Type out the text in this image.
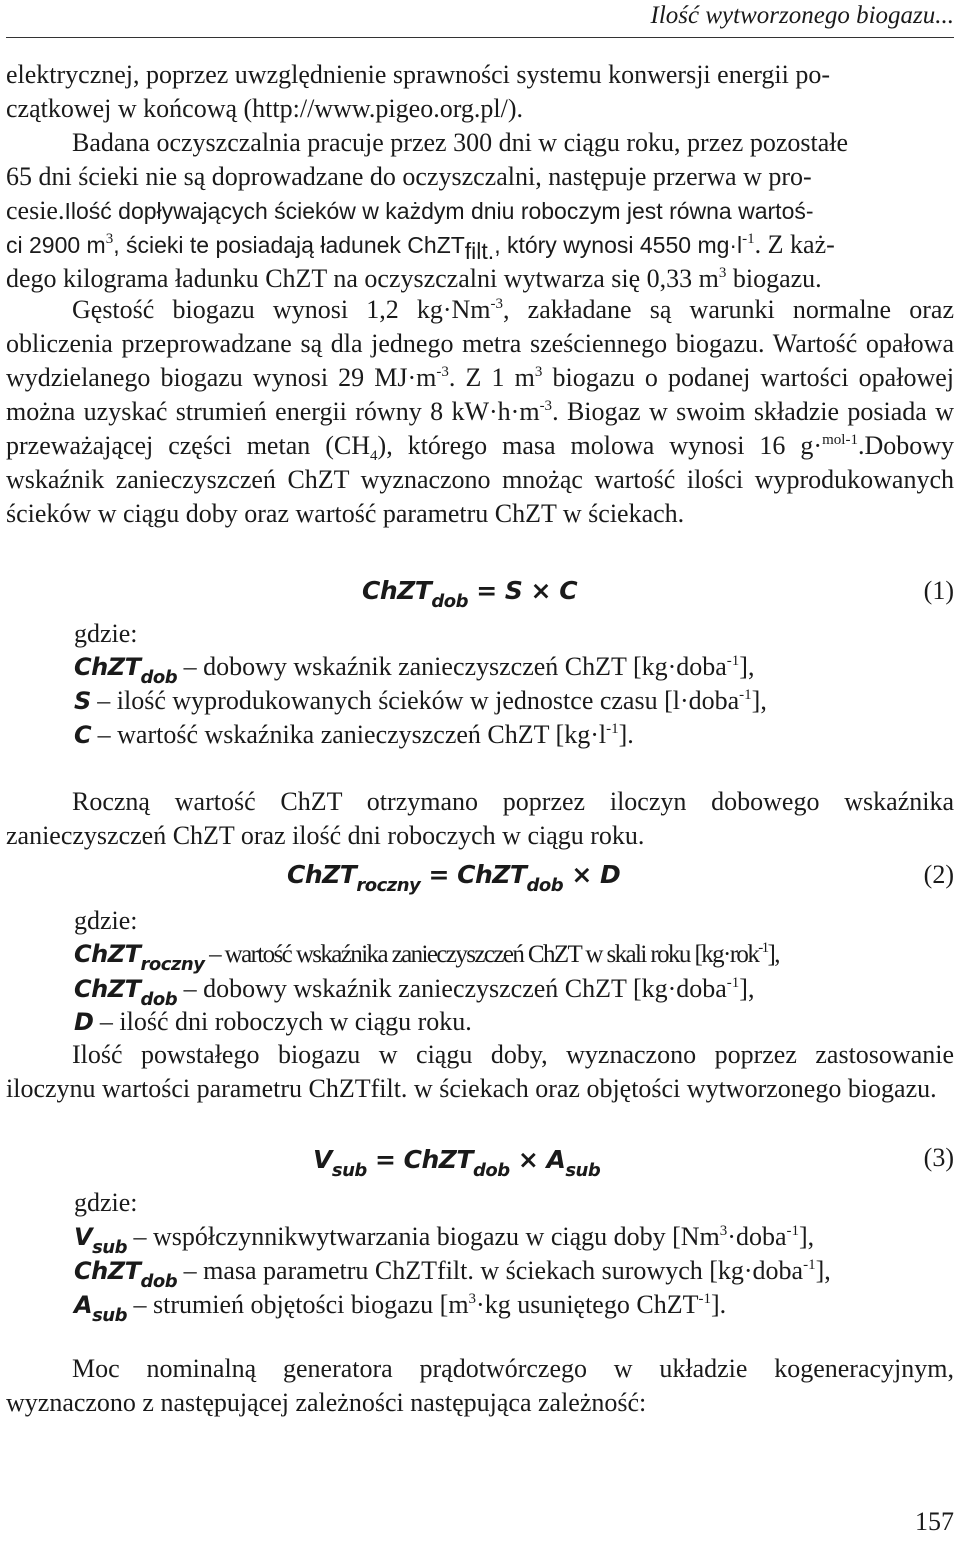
Ilość wytworzonego biogazu...

elektrycznej, poprzez uwzględnienie sprawności systemu konwersji energii po-
czątkowej w końcową (http://www.pigeo.org.pl/).
Badana oczyszczalnia pracuje przez 300 dni w ciągu roku, przez pozostałe
65 dni ścieki nie są doprowadzane do oczyszczalni, następuje przerwa w pro-
cesie.Ilość dopływających ścieków w każdym dniu roboczym jest równa wartoś-
ci 2900 $m^3$, ścieki te posiadają ładunek ChZT$_{filt.}$, który wynosi 4550 $mg\cdot l^{-1}$. Z każ-
dego kilograma ładunku ChZT na oczyszczalni wytwarza się 0,33 $m^3$ biogazu.

Gęstość biogazu wynosi 1,2 $kg\cdot Nm^{-3}$, zakładane są warunki normalne oraz obliczenia przeprowadzane są dla jednego metra sześciennego biogazu. Wartość opałowa wydzielanego biogazu wynosi 29 $MJ\cdot m^{-3}$. Z 1 $m^3$ biogazu o podanej wartości opałowej można uzyskać strumień energii równy 8 $kW\cdot h\cdot m^{-3}$. Biogaz w swoim składzie posiada w przeważającej części metan $(CH_4)$, którego masa molowa wynosi 16 g·$^{mol-1}$.Dobowy wskaźnik zanieczyszczeń ChZT wyznaczono mnożąc wartość ilości wyprodukowanych ścieków w ciągu doby oraz wartość parametru ChZT w ściekach.

ChZT$_{dob}$ = S × C	(1)
gdzie:
ChZT$_{dob}$ – dobowy wskaźnik zanieczyszczeń ChZT [kg·doba$^{-1}$],
S – ilość wyprodukowanych ścieków w jednostce czasu [l·doba$^{-1}$],
C – wartość wskaźnika zanieczyszczeń ChZT $[kg\cdot l^{-1}]$.

Roczną wartość ChZT otrzymano poprzez iloczyn dobowego wskaźnika zanieczyszczeń ChZT oraz ilość dni roboczych w ciągu roku.

ChZT$_{roczny}$ = ChZT$_{dob}$ × D	(2)
gdzie:
ChZT$_{roczny}$ – wartość wskaźnika zanieczyszczeń ChZT w skali roku [kg·rok$^{-1}$],
ChZT$_{dob}$ – dobowy wskaźnik zanieczyszczeń ChZT [kg·doba$^{-1}$],
D – ilość dni roboczych w ciągu roku.

Ilość powstałego biogazu w ciągu doby, wyznaczono poprzez zastosowanie iloczynu wartości parametru ChZTfilt. w ściekach oraz objętości wytworzonego biogazu.

$V_{sub}$ = ChZT$_{dob}$ × $A_{sub}$	(3)
gdzie:
$V_{sub}$ – współczynnikwytwarzania biogazu w ciągu doby $[Nm^3\cdot doba^{-1}]$,
ChZT$_{dob}$ – masa parametru ChZTfilt. w ściekach surowych [kg·doba$^{-1}$],
$A_{sub}$ – strumień objętości biogazu [$m^3\cdot kg$ usuniętego ChZT$^{-1}$].

Moc nominalną generatora prądotwórczego w układzie kogeneracyjnym, wyznaczono z następującej zależności następująca zależność:

157
